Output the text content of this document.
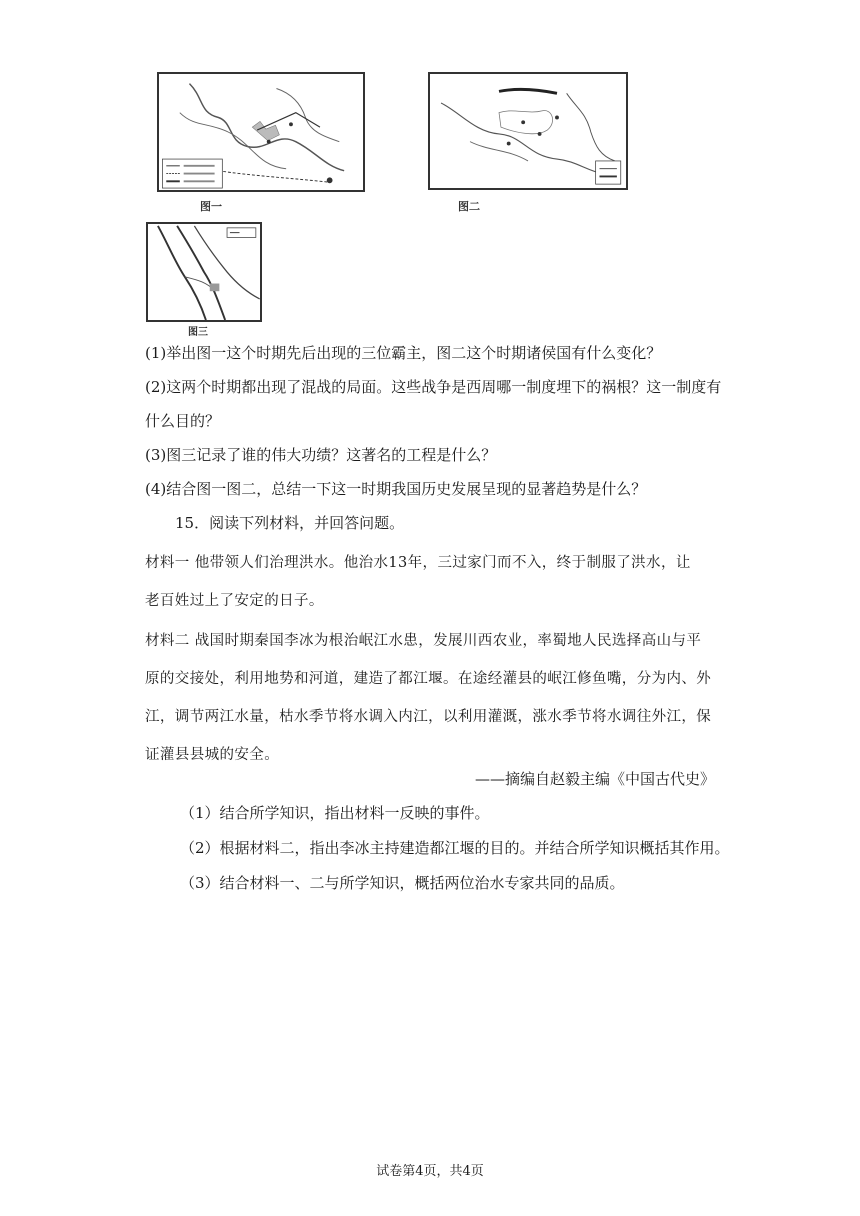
图一	图二
图三
(1)举出图一这个时期先后出现的三位霸主，图二这个时期诸侯国有什么变化？
(2)这两个时期都出现了混战的局面。这些战争是西周哪一制度埋下的祸根？这一制度有
什么目的？
(3)图三记录了谁的伟大功绩？这著名的工程是什么？
(4)结合图一图二，总结一下这一时期我国历史发展呈现的显著趋势是什么？
15．阅读下列材料，并回答问题。
材料一 他带领人们治理洪水。他治水13年，三过家门而不入，终于制服了洪水，让
老百姓过上了安定的日子。
材料二 战国时期秦国李冰为根治岷江水患，发展川西农业，率蜀地人民选择高山与平
原的交接处，利用地势和河道，建造了都江堰。在途经灌县的岷江修鱼嘴，分为内、外
江，调节两江水量，枯水季节将水调入内江，以利用灌溉，涨水季节将水调往外江，保
证灌县县城的安全。
——摘编自赵毅主编《中国古代史》
（1）结合所学知识，指出材料一反映的事件。
（2）根据材料二，指出李冰主持建造都江堰的目的。并结合所学知识概括其作用。
（3）结合材料一、二与所学知识，概括两位治水专家共同的品质。
试卷第4页，共4页
